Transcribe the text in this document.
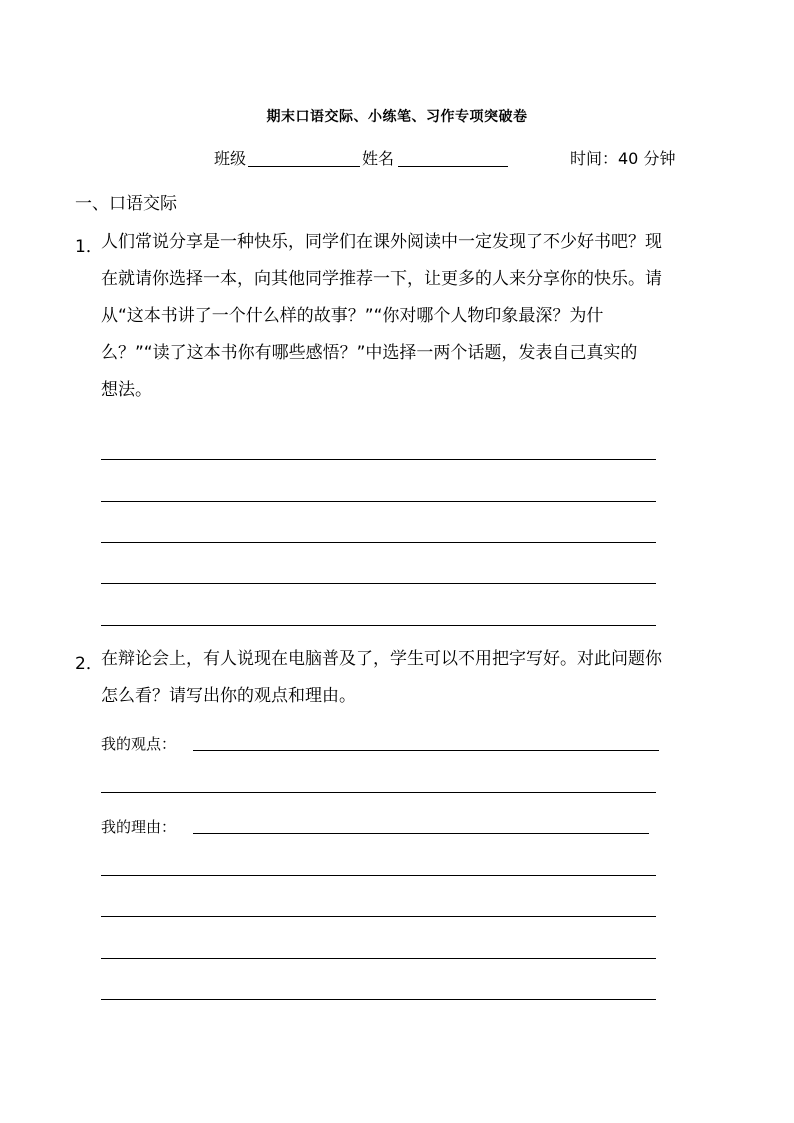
期末口语交际、小练笔、习作专项突破卷
班级	姓名	时间：40 分钟
一、口语交际
1．
人们常说分享是一种快乐，同学们在课外阅读中一定发现了不少好书吧？现
在就请你选择一本，向其他同学推荐一下，让更多的人来分享你的快乐。请
从“这本书讲了一个什么样的故事？”“你对哪个人物印象最深？为什
么？”“读了这本书你有哪些感悟？”中选择一两个话题，发表自己真实的
想法。
2．
在辩论会上，有人说现在电脑普及了，学生可以不用把字写好。对此问题你
怎么看？请写出你的观点和理由。
我的观点：
我的理由：
